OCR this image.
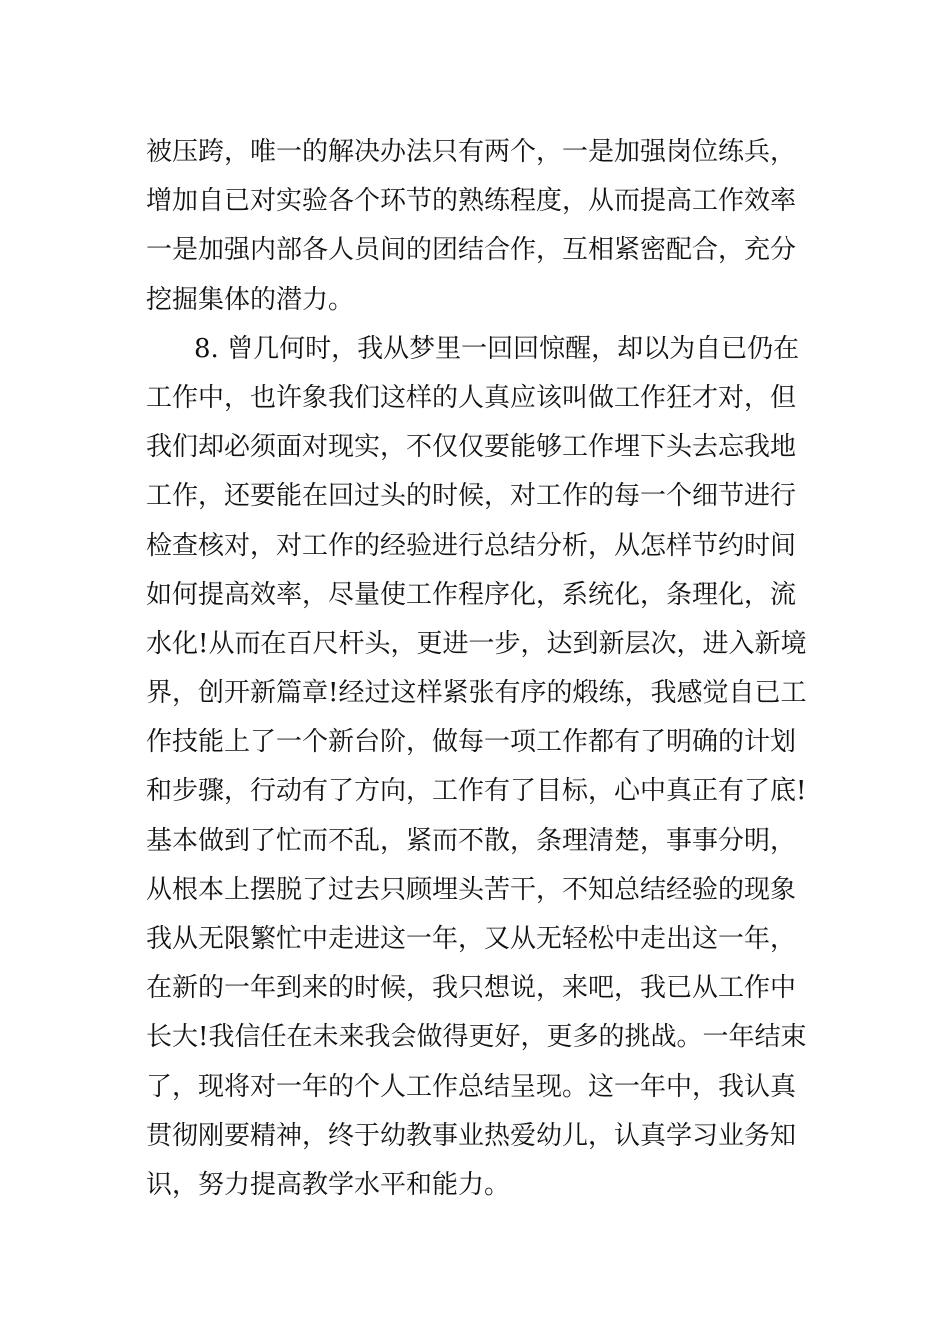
被压跨，唯一的解决办法只有两个，一是加强岗位练兵，
增加自已对实验各个环节的熟练程度，从而提高工作效率
一是加强内部各人员间的团结合作，互相紧密配合，充分
挖掘集体的潜力。
8. 曾几何时，我从梦里一回回惊醒，却以为自已仍在
工作中，也许象我们这样的人真应该叫做工作狂才对，但
我们却必须面对现实，不仅仅要能够工作埋下头去忘我地
工作，还要能在回过头的时候，对工作的每一个细节进行
检查核对，对工作的经验进行总结分析，从怎样节约时间
如何提高效率，尽量使工作程序化，系统化，条理化，流
水化!从而在百尺杆头，更进一步，达到新层次，进入新境
界，创开新篇章!经过这样紧张有序的煅练，我感觉自已工
作技能上了一个新台阶，做每一项工作都有了明确的计划
和步骤，行动有了方向，工作有了目标，心中真正有了底!
基本做到了忙而不乱，紧而不散，条理清楚，事事分明，
从根本上摆脱了过去只顾埋头苦干，不知总结经验的现象
我从无限繁忙中走进这一年，又从无轻松中走出这一年，
在新的一年到来的时候，我只想说，来吧，我已从工作中
长大!我信任在未来我会做得更好，更多的挑战。一年结束
了，现将对一年的个人工作总结呈现。这一年中，我认真
贯彻刚要精神，终于幼教事业热爱幼儿，认真学习业务知
识，努力提高教学水平和能力。
